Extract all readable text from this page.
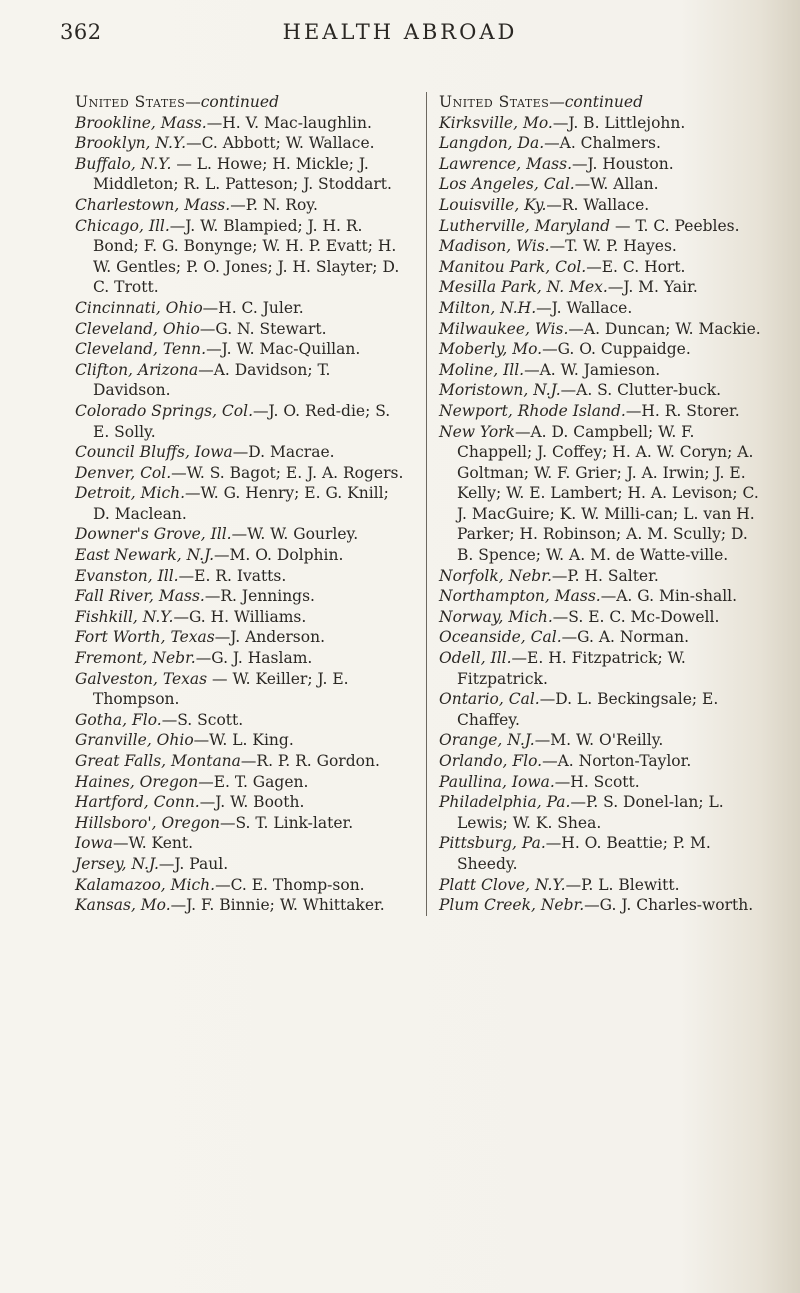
362	HEALTH ABROAD

United States—continued

Brookline, Mass.—H. V. Mac-laughlin.

Brooklyn, N.Y.—C. Abbott; W. Wallace.

Buffalo, N.Y. — L. Howe; H. Mickle; J. Middleton; R. L. Patteson; J. Stoddart.

Charlestown, Mass.—P. N. Roy.

Chicago, Ill.—J. W. Blampied; J. H. R. Bond; F. G. Bonynge; W. H. P. Evatt; H. W. Gentles; P. O. Jones; J. H. Slayter; D. C. Trott.

Cincinnati, Ohio—H. C. Juler.

Cleveland, Ohio—G. N. Stewart.

Cleveland, Tenn.—J. W. Mac-Quillan.

Clifton, Arizona—A. Davidson; T. Davidson.

Colorado Springs, Col.—J. O. Red-die; S. E. Solly.

Council Bluffs, Iowa—D. Macrae.

Denver, Col.—W. S. Bagot; E. J. A. Rogers.

Detroit, Mich.—W. G. Henry; E. G. Knill; D. Maclean.

Downer's Grove, Ill.—W. W. Gourley.

East Newark, N.J.—M. O. Dolphin.

Evanston, Ill.—E. R. Ivatts.

Fall River, Mass.—R. Jennings.

Fishkill, N.Y.—G. H. Williams.

Fort Worth, Texas—J. Anderson.

Fremont, Nebr.—G. J. Haslam.

Galveston, Texas — W. Keiller; J. E. Thompson.

Gotha, Flo.—S. Scott.

Granville, Ohio—W. L. King.

Great Falls, Montana—R. P. R. Gordon.

Haines, Oregon—E. T. Gagen.

Hartford, Conn.—J. W. Booth.

Hillsboro', Oregon—S. T. Link-later.

Iowa—W. Kent.

Jersey, N.J.—J. Paul.

Kalamazoo, Mich.—C. E. Thomp-son.

Kansas, Mo.—J. F. Binnie; W. Whittaker.

United States—continued

Kirksville, Mo.—J. B. Littlejohn.

Langdon, Da.—A. Chalmers.

Lawrence, Mass.—J. Houston.

Los Angeles, Cal.—W. Allan.

Louisville, Ky.—R. Wallace.

Lutherville, Maryland — T. C. Peebles.

Madison, Wis.—T. W. P. Hayes.

Manitou Park, Col.—E. C. Hort.

Mesilla Park, N. Mex.—J. M. Yair.

Milton, N.H.—J. Wallace.

Milwaukee, Wis.—A. Duncan; W. Mackie.

Moberly, Mo.—G. O. Cuppaidge.

Moline, Ill.—A. W. Jamieson.

Moristown, N.J.—A. S. Clutter-buck.

Newport, Rhode Island.—H. R. Storer.

New York—A. D. Campbell; W. F. Chappell; J. Coffey; H. A. W. Coryn; A. Goltman; W. F. Grier; J. A. Irwin; J. E. Kelly; W. E. Lambert; H. A. Levison; C. J. MacGuire; K. W. Milli-can; L. van H. Parker; H. Robinson; A. M. Scully; D. B. Spence; W. A. M. de Watte-ville.

Norfolk, Nebr.—P. H. Salter.

Northampton, Mass.—A. G. Min-shall.

Norway, Mich.—S. E. C. Mc-Dowell.

Oceanside, Cal.—G. A. Norman.

Odell, Ill.—E. H. Fitzpatrick; W. Fitzpatrick.

Ontario, Cal.—D. L. Beckingsale; E. Chaffey.

Orange, N.J.—M. W. O'Reilly.

Orlando, Flo.—A. Norton-Taylor.

Paullina, Iowa.—H. Scott.

Philadelphia, Pa.—P. S. Donel-lan; L. Lewis; W. K. Shea.

Pittsburg, Pa.—H. O. Beattie; P. M. Sheedy.

Platt Clove, N.Y.—P. L. Blewitt.

Plum Creek, Nebr.—G. J. Charles-worth.
